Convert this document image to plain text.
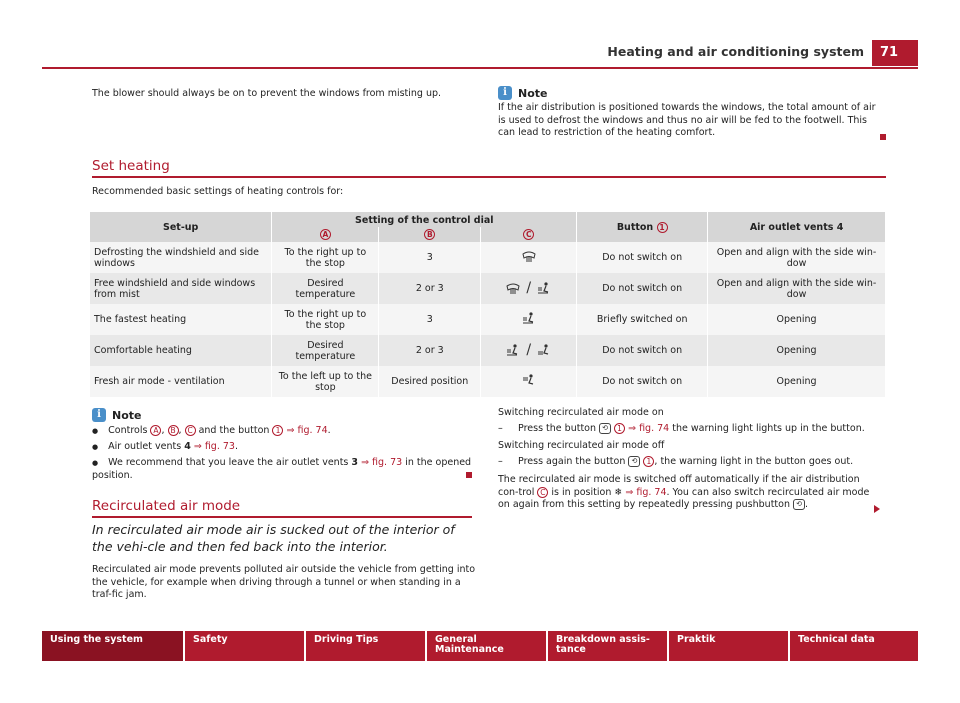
Heating and air conditioning system	71
The blower should always be on to prevent the windows from misting up.	i	Note
If the air distribution is positioned towards the windows, the total amount of air is used to defrost the windows and thus no air will be fed to the footwell. This can lead to restriction of the heating comfort.
Set heating
Recommended basic settings of heating controls for:
Set-up	Setting of the control dial			Button 1	Air outlet vents 4
	A	B	C		
Defrosting the windshield and side windows	To the right up to the stop	3		Do not switch on	Open and align with the side win-dow
Free windshield and side windows from mist	Desired temperature	2 or 3	/	Do not switch on	Open and align with the side win-dow
The fastest heating	To the right up to the stop	3		Briefly switched on	Opening
Comfortable heating	Desired temperature	2 or 3	/	Do not switch on	Opening
Fresh air mode - ventilation	To the left up to the stop	Desired position		Do not switch on	Opening
i	Note
● Controls A , B , C and the button 1 ⇒ fig. 74.
● Air outlet vents 4 ⇒ fig. 73.
● We recommend that you leave the air outlet vents 3 ⇒ fig. 73 in the opened position.
Recirculated air mode
In recirculated air mode air is sucked out of the interior of the vehi-cle and then fed back into the interior.
Recirculated air mode prevents polluted air outside the vehicle from getting into the vehicle, for example when driving through a tunnel or when standing in a traf-fic jam.
Switching recirculated air mode on
– Press the button ⟲ 1 ⇒ fig. 74 the warning light lights up in the button.
Switching recirculated air mode off
– Press again the button ⟲ 1 , the warning light in the button goes out.
The recirculated air mode is switched off automatically if the air distribution con-trol C is in position ❄ ⇒ fig. 74. You can also switch recirculated air mode on again from this setting by repeatedly pressing pushbutton ⟲ .
Using the system	Safety	Driving Tips	General Maintenance
Breakdown assis-tance
Praktik	Technical data
